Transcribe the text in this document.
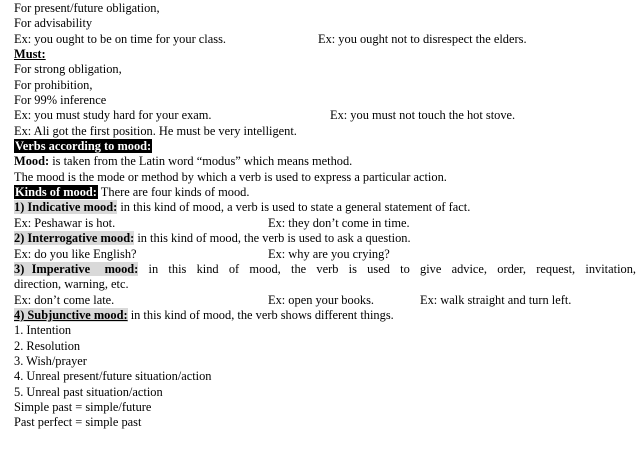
For present/future obligation,
For advisability
Ex: you ought to be on time for your class.	Ex: you ought not to disrespect the elders.
Must:
For strong obligation,
For prohibition,
For 99% inference
Ex: you must study hard for your exam.	Ex: you must not touch the hot stove.
Ex: Ali got the first position. He must be very intelligent.
Verbs according to mood:
Mood: is taken from the Latin word “modus” which means method.
The mood is the mode or method by which a verb is used to express a particular action.
Kinds of mood: There are four kinds of mood.
1) Indicative mood: in this kind of mood, a verb is used to state a general statement of fact.
Ex: Peshawar is hot.	Ex: they don’t come in time.
2) Interrogative mood: in this kind of mood, the verb is used to ask a question.
Ex: do you like English?	Ex: why are you crying?
3) Imperative  mood: in this kind of mood, the verb is used to give advice, order, request, invitation,
direction, warning, etc.
Ex: don’t come late.	Ex: open your books.	Ex: walk straight and turn left.
4) Subjunctive mood: in this kind of mood, the verb shows different things.
1. Intention
2. Resolution
3. Wish/prayer
4. Unreal present/future situation/action
5. Unreal past situation/action
Simple past = simple/future
Past perfect = simple past
